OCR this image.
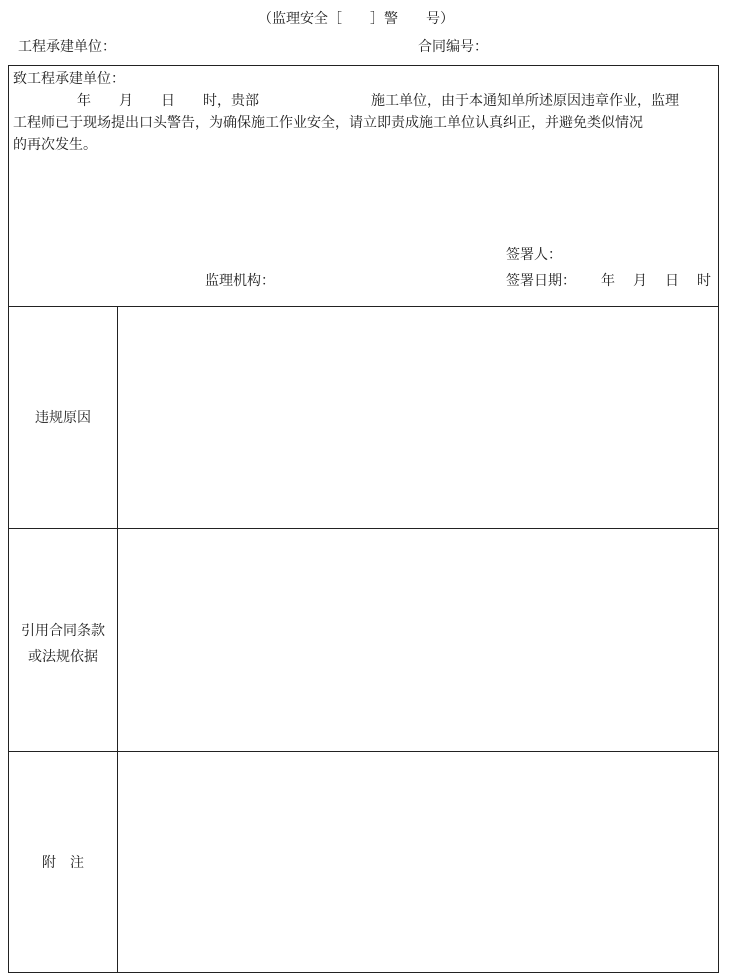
（监理安全［　　］警　　号）
工程承建单位：	合同编号：
致工程承建单位：
年　　月　　日　　时，贵部　　　　　　　　施工单位，由于本通知单所述原因违章作业，监理
工程师已于现场提出口头警告，为确保施工作业安全，请立即责成施工单位认真纠正，并避免类似情况
的再次发生。
签署人：
监理机构：	签署日期： 年　月　日　时
违规原因
引用合同条款
或法规依据
附　注
